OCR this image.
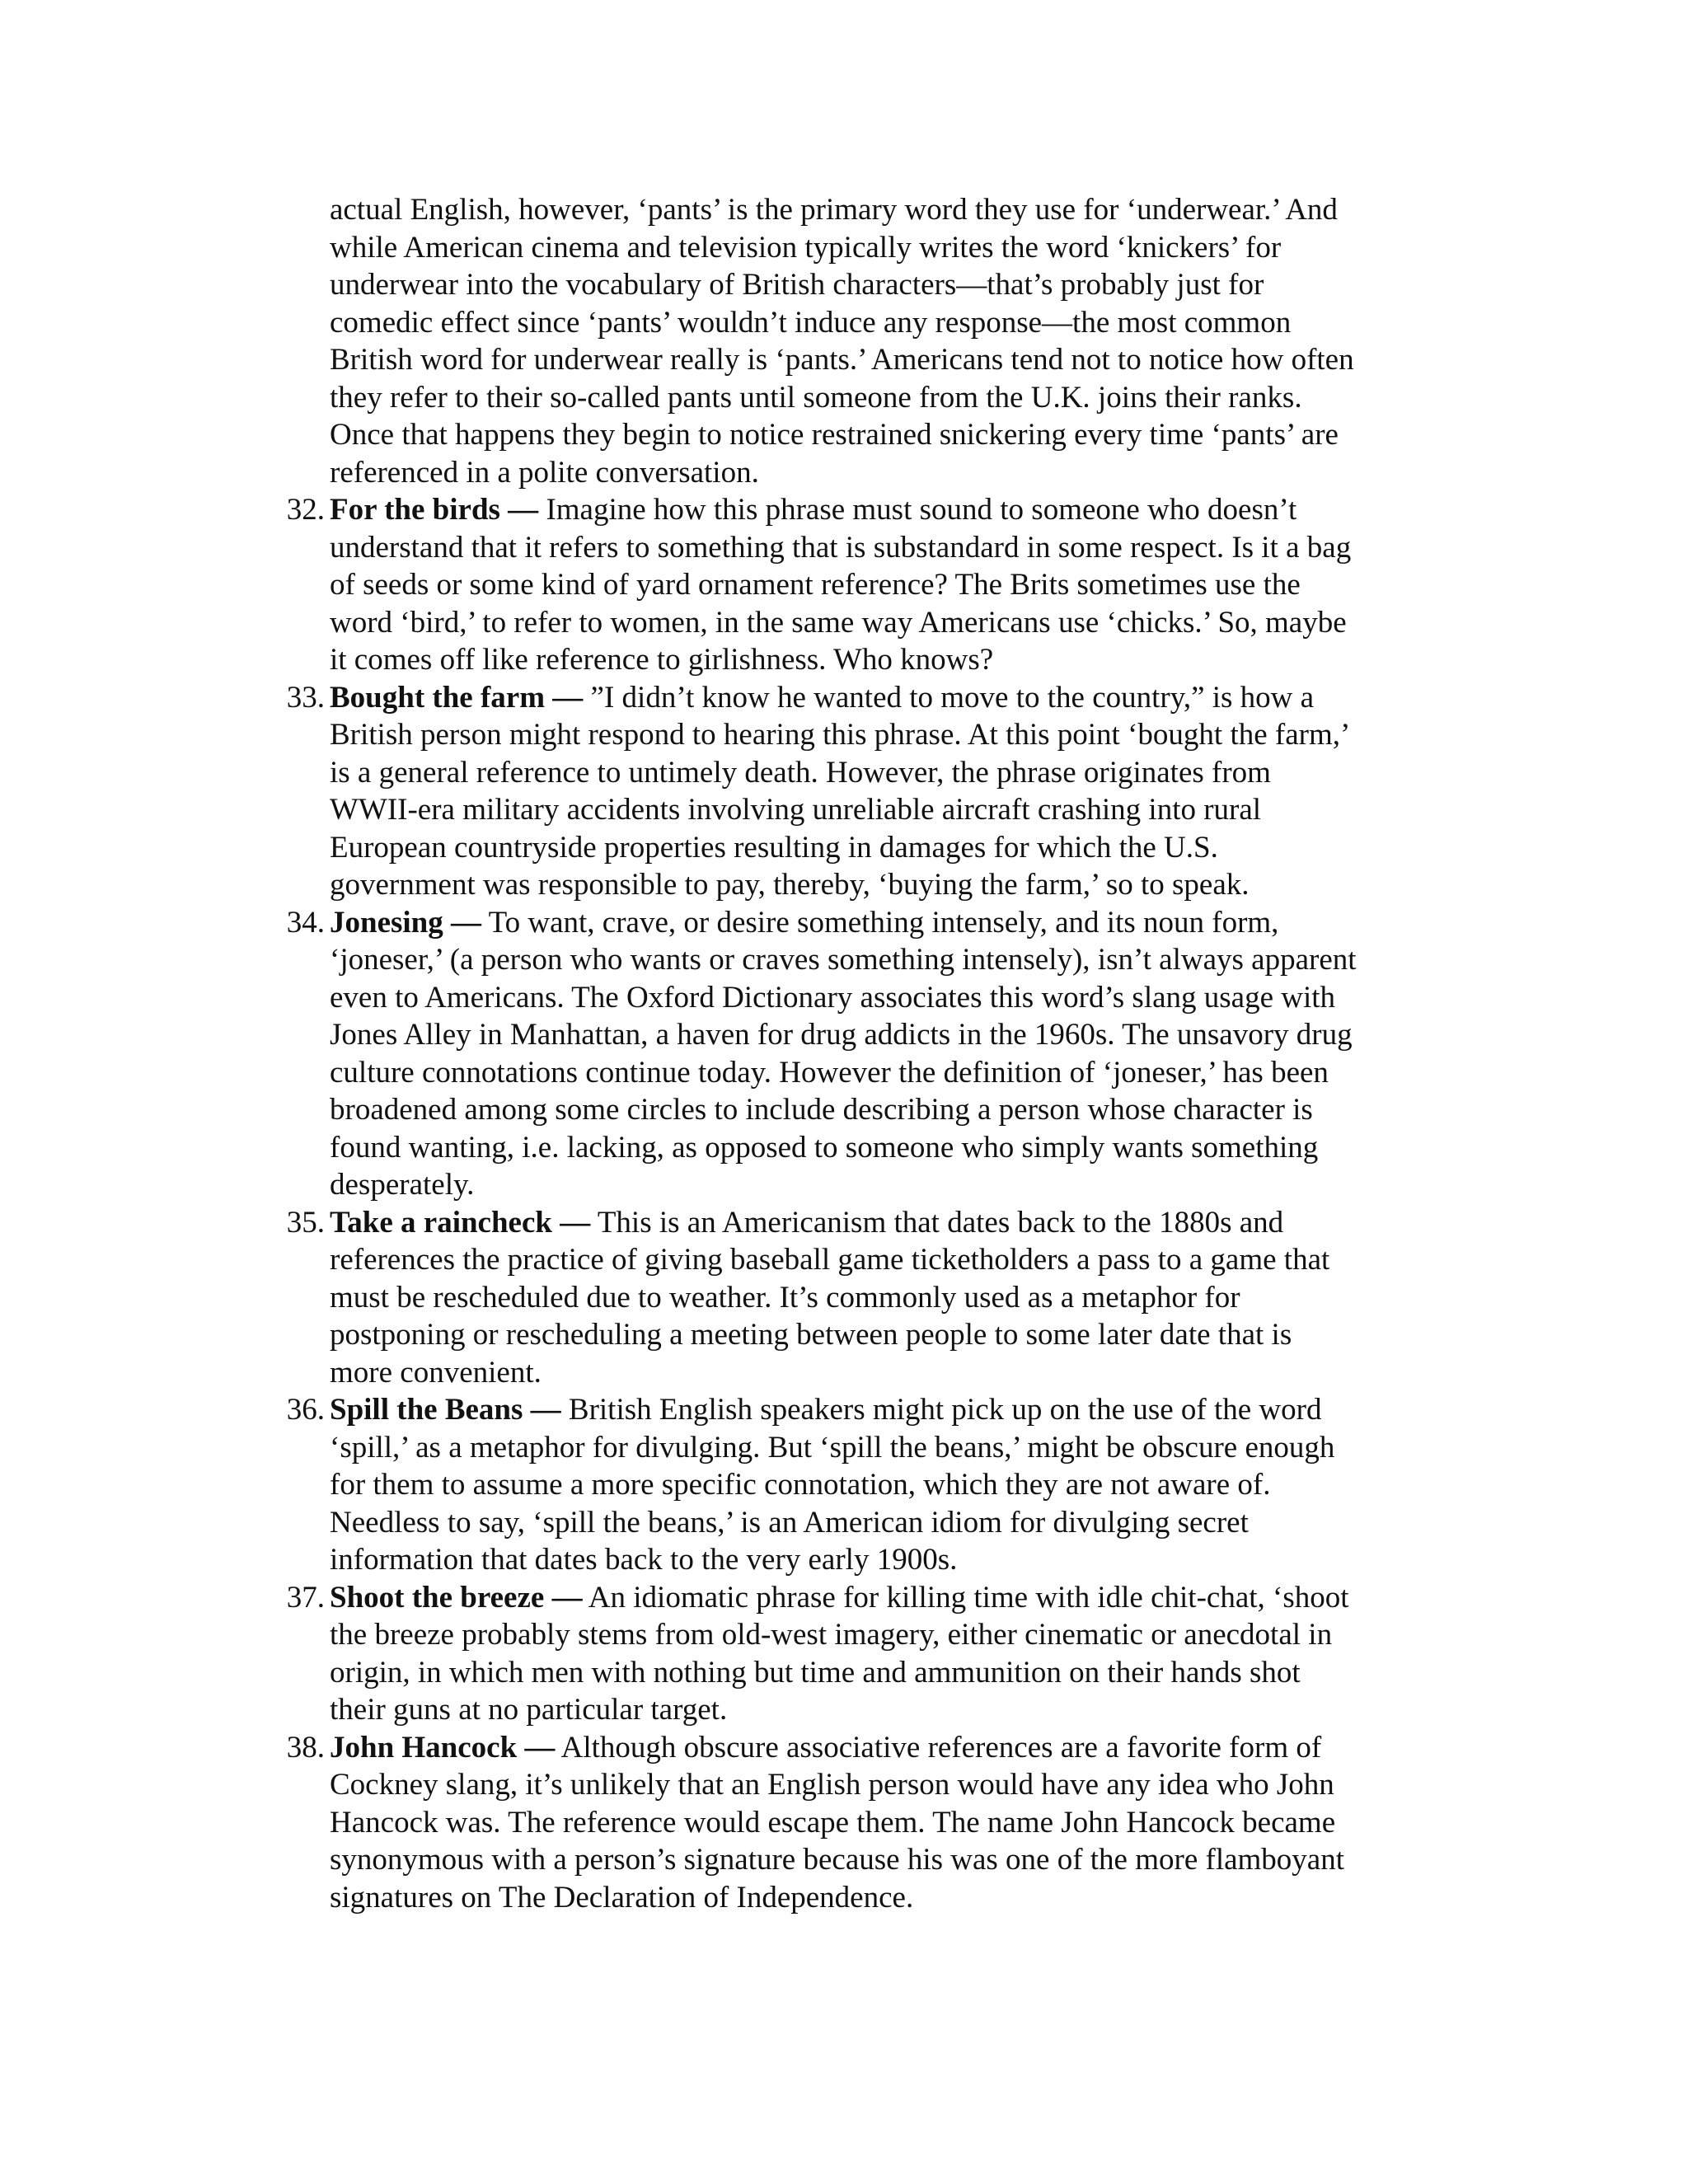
actual English, however, ‘pants’ is the primary word they use for ‘underwear.’ And

while American cinema and television typically writes the word ‘knickers’ for

underwear into the vocabulary of British characters—that’s probably just for

comedic effect since ‘pants’ wouldn’t induce any response—the most common

British word for underwear really is ‘pants.’ Americans tend not to notice how often

they refer to their so-called pants until someone from the U.K. joins their ranks.

Once that happens they begin to notice restrained snickering every time ‘pants’ are

referenced in a polite conversation.

32. For the birds — Imagine how this phrase must sound to someone who doesn’t

understand that it refers to something that is substandard in some respect. Is it a bag

of seeds or some kind of yard ornament reference? The Brits sometimes use the

word ‘bird,’ to refer to women, in the same way Americans use ‘chicks.’ So, maybe

it comes off like reference to girlishness. Who knows?

33. Bought the farm — ”I didn’t know he wanted to move to the country,” is how a

British person might respond to hearing this phrase. At this point ‘bought the farm,’

is a general reference to untimely death. However, the phrase originates from

WWII-era military accidents involving unreliable aircraft crashing into rural

European countryside properties resulting in damages for which the U.S.

government was responsible to pay, thereby, ‘buying the farm,’ so to speak.

34. Jonesing — To want, crave, or desire something intensely, and its noun form,

‘joneser,’ (a person who wants or craves something intensely), isn’t always apparent

even to Americans. The Oxford Dictionary associates this word’s slang usage with

Jones Alley in Manhattan, a haven for drug addicts in the 1960s. The unsavory drug

culture connotations continue today. However the definition of ‘joneser,’ has been

broadened among some circles to include describing a person whose character is

found wanting, i.e. lacking, as opposed to someone who simply wants something

desperately.

35. Take a raincheck — This is an Americanism that dates back to the 1880s and

references the practice of giving baseball game ticketholders a pass to a game that

must be rescheduled due to weather. It’s commonly used as a metaphor for

postponing or rescheduling a meeting between people to some later date that is

more convenient.

36. Spill the Beans — British English speakers might pick up on the use of the word

‘spill,’ as a metaphor for divulging. But ‘spill the beans,’ might be obscure enough

for them to assume a more specific connotation, which they are not aware of.

Needless to say, ‘spill the beans,’ is an American idiom for divulging secret

information that dates back to the very early 1900s.

37. Shoot the breeze — An idiomatic phrase for killing time with idle chit-chat, ‘shoot

the breeze probably stems from old-west imagery, either cinematic or anecdotal in

origin, in which men with nothing but time and ammunition on their hands shot

their guns at no particular target.

38. John Hancock — Although obscure associative references are a favorite form of

Cockney slang, it’s unlikely that an English person would have any idea who John

Hancock was. The reference would escape them. The name John Hancock became

synonymous with a person’s signature because his was one of the more flamboyant

signatures on The Declaration of Independence.
